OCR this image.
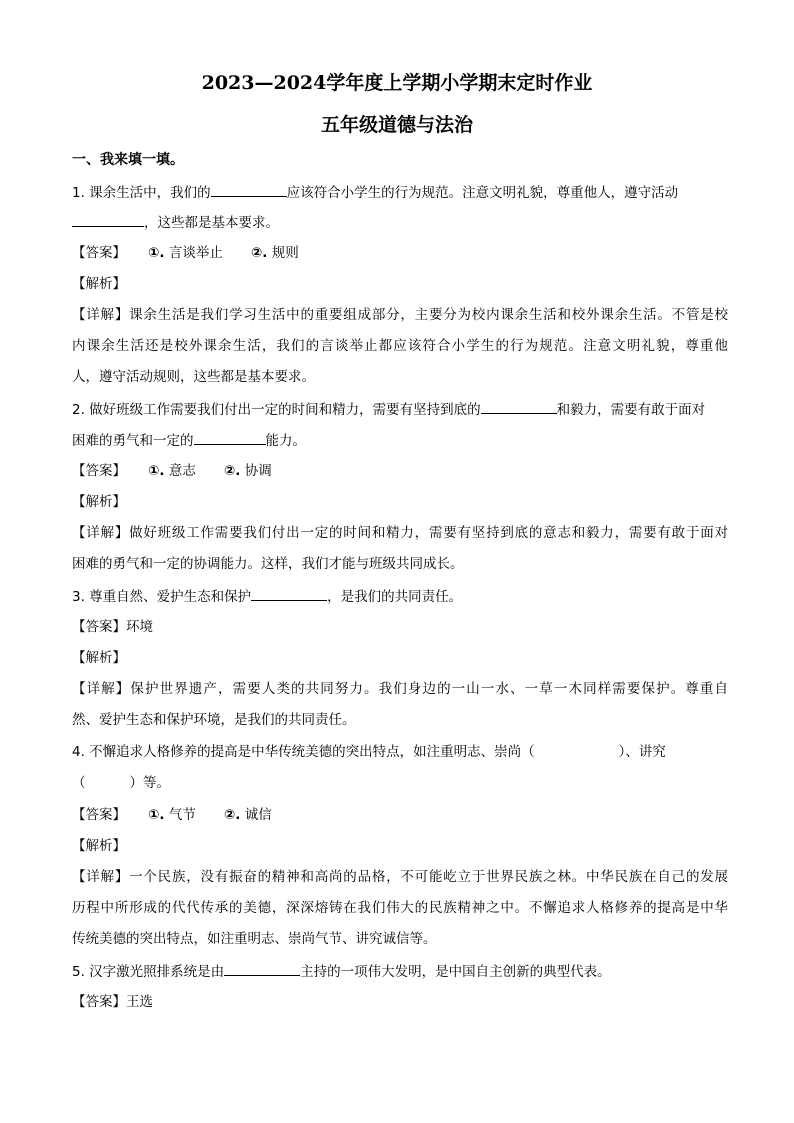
2023—2024学年度上学期小学期末定时作业
五年级道德与法治
一、我来填一填。
1. 课余生活中，我们的	应该符合小学生的行为规范。注意文明礼貌，尊重他人，遵守活动
，这些都是基本要求。
【答案】 ①. 言谈举止 ②. 规则
【解析】
【详解】课余生活是我们学习生活中的重要组成部分，主要分为校内课余生活和校外课余生活。不管是校
内课余生活还是校外课余生活，我们的言谈举止都应该符合小学生的行为规范。注意文明礼貌，尊重他
人，遵守活动规则，这些都是基本要求。
2. 做好班级工作需要我们付出一定的时间和精力，需要有坚持到底的	和毅力，需要有敢于面对
困难的勇气和一定的	能力。
【答案】 ①. 意志 ②. 协调
【解析】
【详解】做好班级工作需要我们付出一定的时间和精力，需要有坚持到底的意志和毅力，需要有敢于面对
困难的勇气和一定的协调能力。这样，我们才能与班级共同成长。
3. 尊重自然、爱护生态和保护	，是我们的共同责任。
【答案】环境
【解析】
【详解】保护世界遗产，需要人类的共同努力。我们身边的一山一水、一草一木同样需要保护。尊重自
然、爱护生态和保护环境，是我们的共同责任。
4. 不懈追求人格修养的提高是中华传统美德的突出特点，如注重明志、崇尚（	）、讲究
（	）等。
【答案】 ①. 气节 ②. 诚信
【解析】
【详解】一个民族，没有振奋的精神和高尚的品格，不可能屹立于世界民族之林。中华民族在自己的发展
历程中所形成的代代传承的美德，深深熔铸在我们伟大的民族精神之中。不懈追求人格修养的提高是中华
传统美德的突出特点，如注重明志、崇尚气节、讲究诚信等。
5. 汉字激光照排系统是由	主持的一项伟大发明，是中国自主创新的典型代表。
【答案】王选
